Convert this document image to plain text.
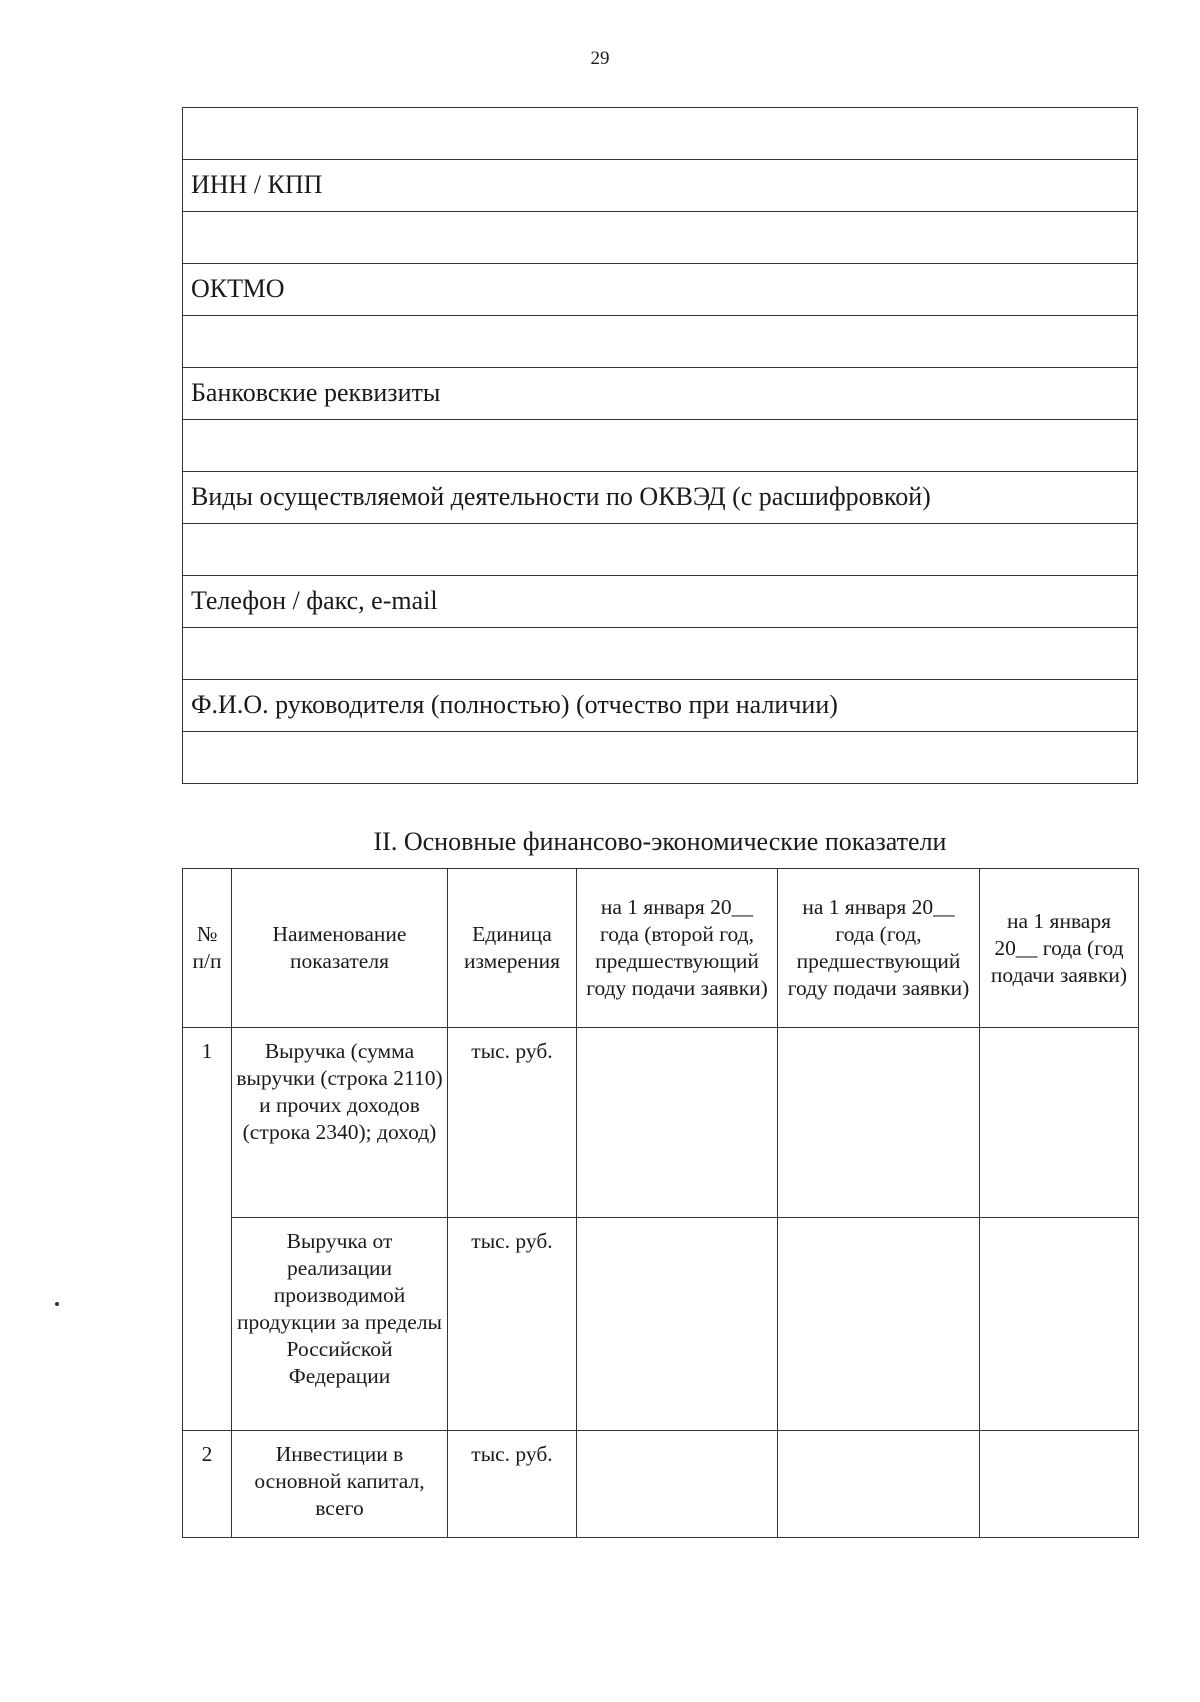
29

ИНН / КПП

ОКТМО

Банковские реквизиты

Виды осуществляемой деятельности по ОКВЭД (с расшифровкой)

Телефон / факс, e-mail

Ф.И.О. руководителя (полностью) (отчество при наличии)

II. Основные финансово-экономические показатели
№ п/п	Наименование показателя	Единица измерения	на 1 января 20__ года (второй год, предшествующий году подачи заявки)	на 1 января 20__ года (год, предшествующий году подачи заявки)	на 1 января 20__ года (год подачи заявки)
1	Выручка (сумма выручки (строка 2110) и прочих доходов (строка 2340); доход)	тыс. руб.			
	Выручка от реализации производимой продукции за пределы Российской Федерации	тыс. руб.			
2	Инвестиции в основной капитал, всего	тыс. руб.			
